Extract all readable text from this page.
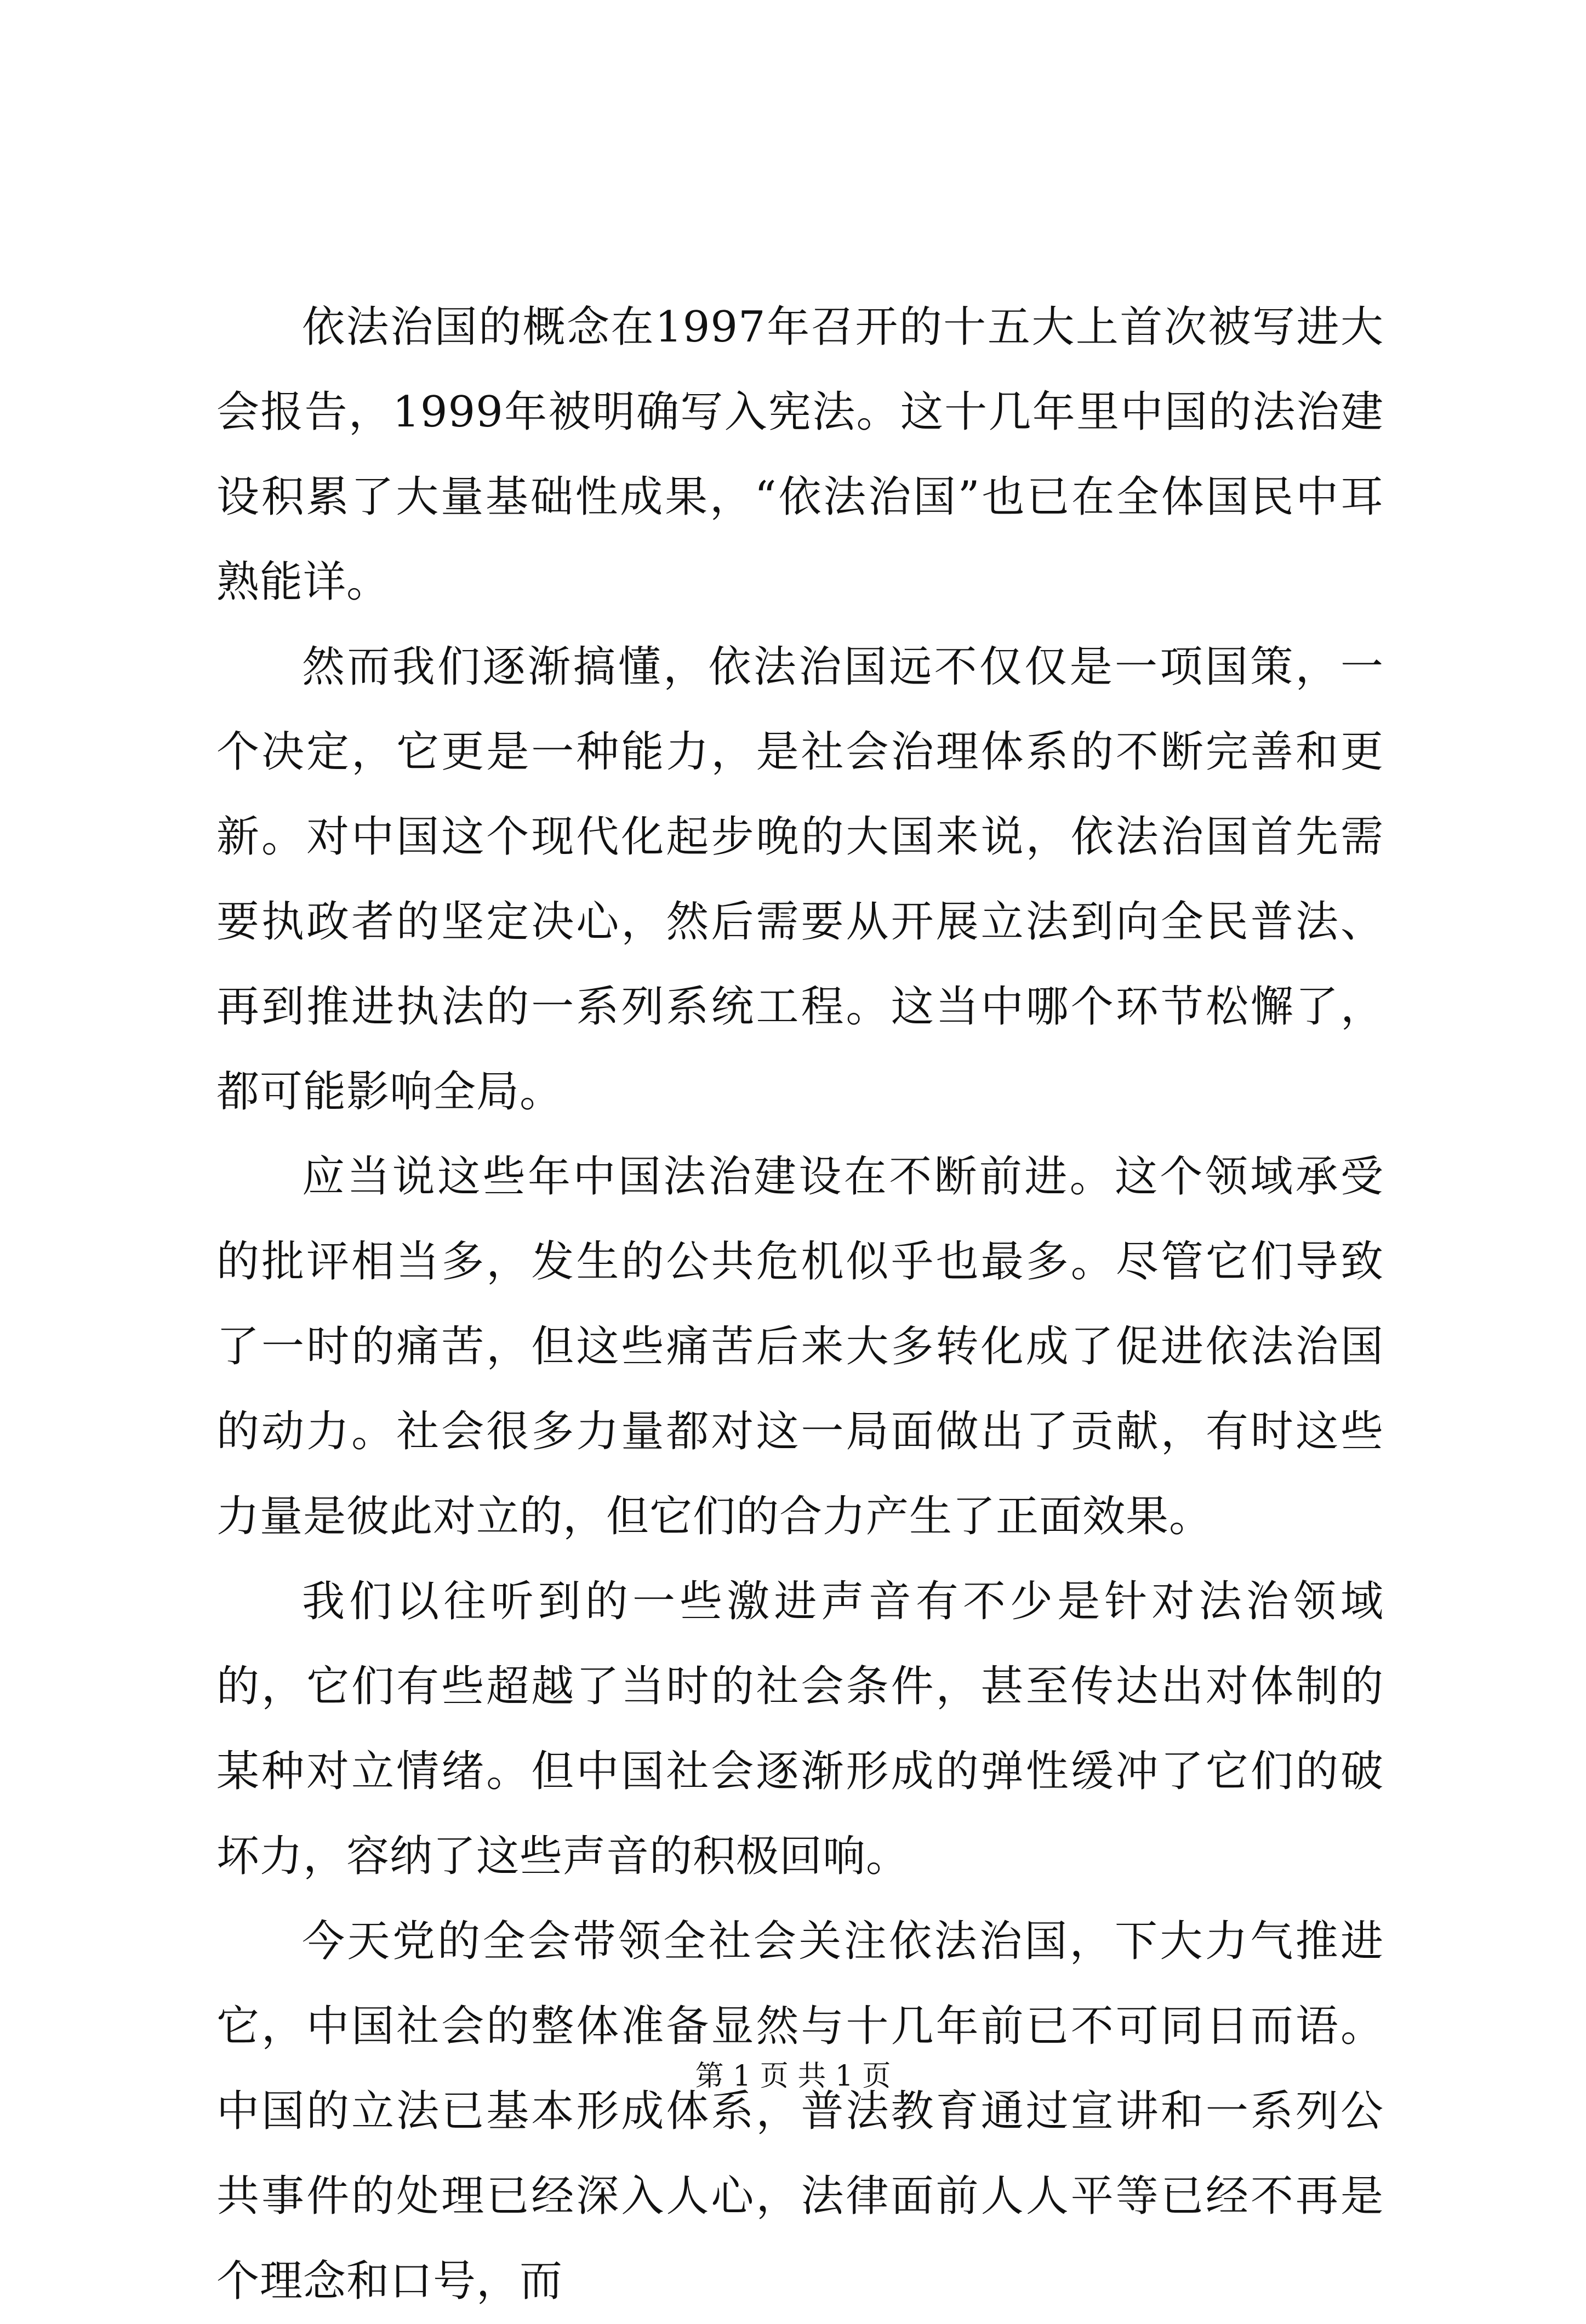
依法治国的概念在1997年召开的十五大上首次被写进大会报告，1999年被明确写入宪法。这十几年里中国的法治建设积累了大量基础性成果，“依法治国”也已在全体国民中耳熟能详。

然而我们逐渐搞懂，依法治国远不仅仅是一项国策，一个决定，它更是一种能力，是社会治理体系的不断完善和更新。对中国这个现代化起步晚的大国来说，依法治国首先需要执政者的坚定决心，然后需要从开展立法到向全民普法、再到推进执法的一系列系统工程。这当中哪个环节松懈了，都可能影响全局。

应当说这些年中国法治建设在不断前进。这个领域承受的批评相当多，发生的公共危机似乎也最多。尽管它们导致了一时的痛苦，但这些痛苦后来大多转化成了促进依法治国的动力。社会很多力量都对这一局面做出了贡献，有时这些力量是彼此对立的，但它们的合力产生了正面效果。

我们以往听到的一些激进声音有不少是针对法治领域的，它们有些超越了当时的社会条件，甚至传达出对体制的某种对立情绪。但中国社会逐渐形成的弹性缓冲了它们的破坏力，容纳了这些声音的积极回响。

今天党的全会带领全社会关注依法治国，下大力气推进它，中国社会的整体准备显然与十几年前已不可同日而语。中国的立法已基本形成体系，普法教育通过宣讲和一系列公共事件的处理已经深入人心，法律面前人人平等已经不再是个理念和口号，而

第 1 页 共 1 页
